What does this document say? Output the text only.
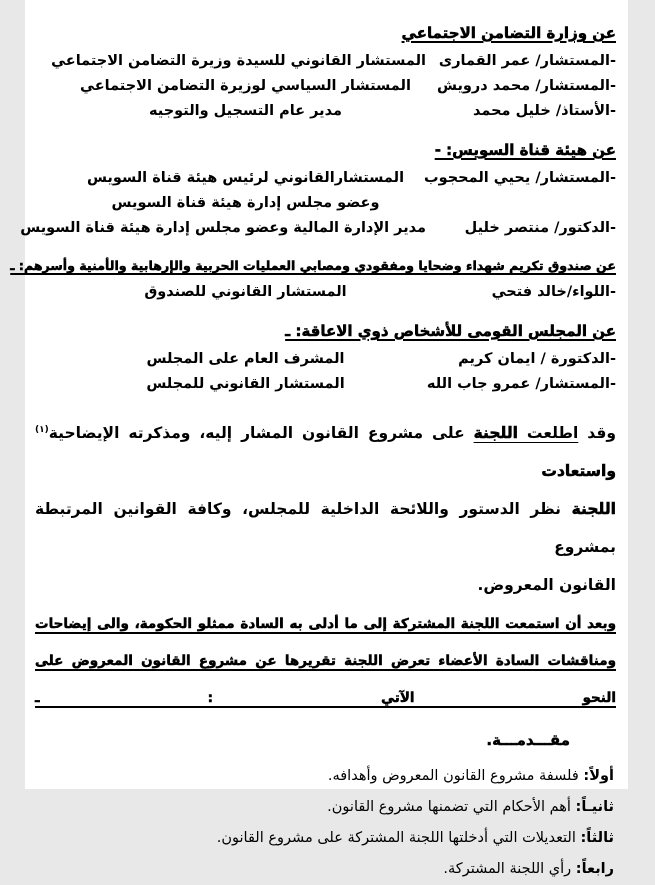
عن وزارة التضامن الاجتماعي
-المستشار/ عمر القمارى
المستشار القانوني للسيدة وزيرة التضامن الاجتماعي
-المستشار/ محمد درويش
المستشار السياسي لوزيرة التضامن الاجتماعي
-الأستاذ/ خليل محمد
مدير عام التسجيل والتوجيه
عن هيئة قناة السويس: -
-المستشار/ يحيي المحجوب
المستشارالقانوني لرئيس هيئة قناة السويس
وعضو مجلس إدارة هيئة قناة السويس
-الدكتور/ منتصر خليل
مدير الإدارة المالية وعضو مجلس إدارة هيئة قناة السويس
عن صندوق تكريم شهداء وضحايا ومفقودي ومصابي العمليات الحربية والإرهابية والأمنية وأسرهم: ـ
-اللواء/خالد فتحي
المستشار القانوني للصندوق
عن المجلس القومى للأشخاص ذوي الاعاقة: ـ
-الدكتورة / ايمان كريم
المشرف العام على المجلس
-المستشار/ عمرو جاب الله
المستشار القانوني للمجلس
وقد اطلعت اللجنة على مشروع القانون المشار إليه، ومذكرته الإيضاحية$^{(١)}$ واستعادت
اللجنة نظر الدستور واللائحة الداخلية للمجلس، وكافة القوانين المرتبطة بمشروع
القانون المعروض.
وبعد أن استمعت اللجنة المشتركة إلى ما أدلى به السادة ممثلو الحكومة، والى إيضاحات
ومناقشات السادة الأعضاء تعرض اللجنة تقريرها عن مشروع القانون المعروض على النحو الآتي : ـ
مقـــدمـــة.
أولاً: فلسفة مشروع القانون المعروض وأهدافه.
ثانيـاً: أهم الأحكام التي تضمنها مشروع القانون.
ثالثاً: التعديلات التي أدخلتها اللجنة المشتركة على مشروع القانون.
رابعاً: رأي اللجنة المشتركة.
